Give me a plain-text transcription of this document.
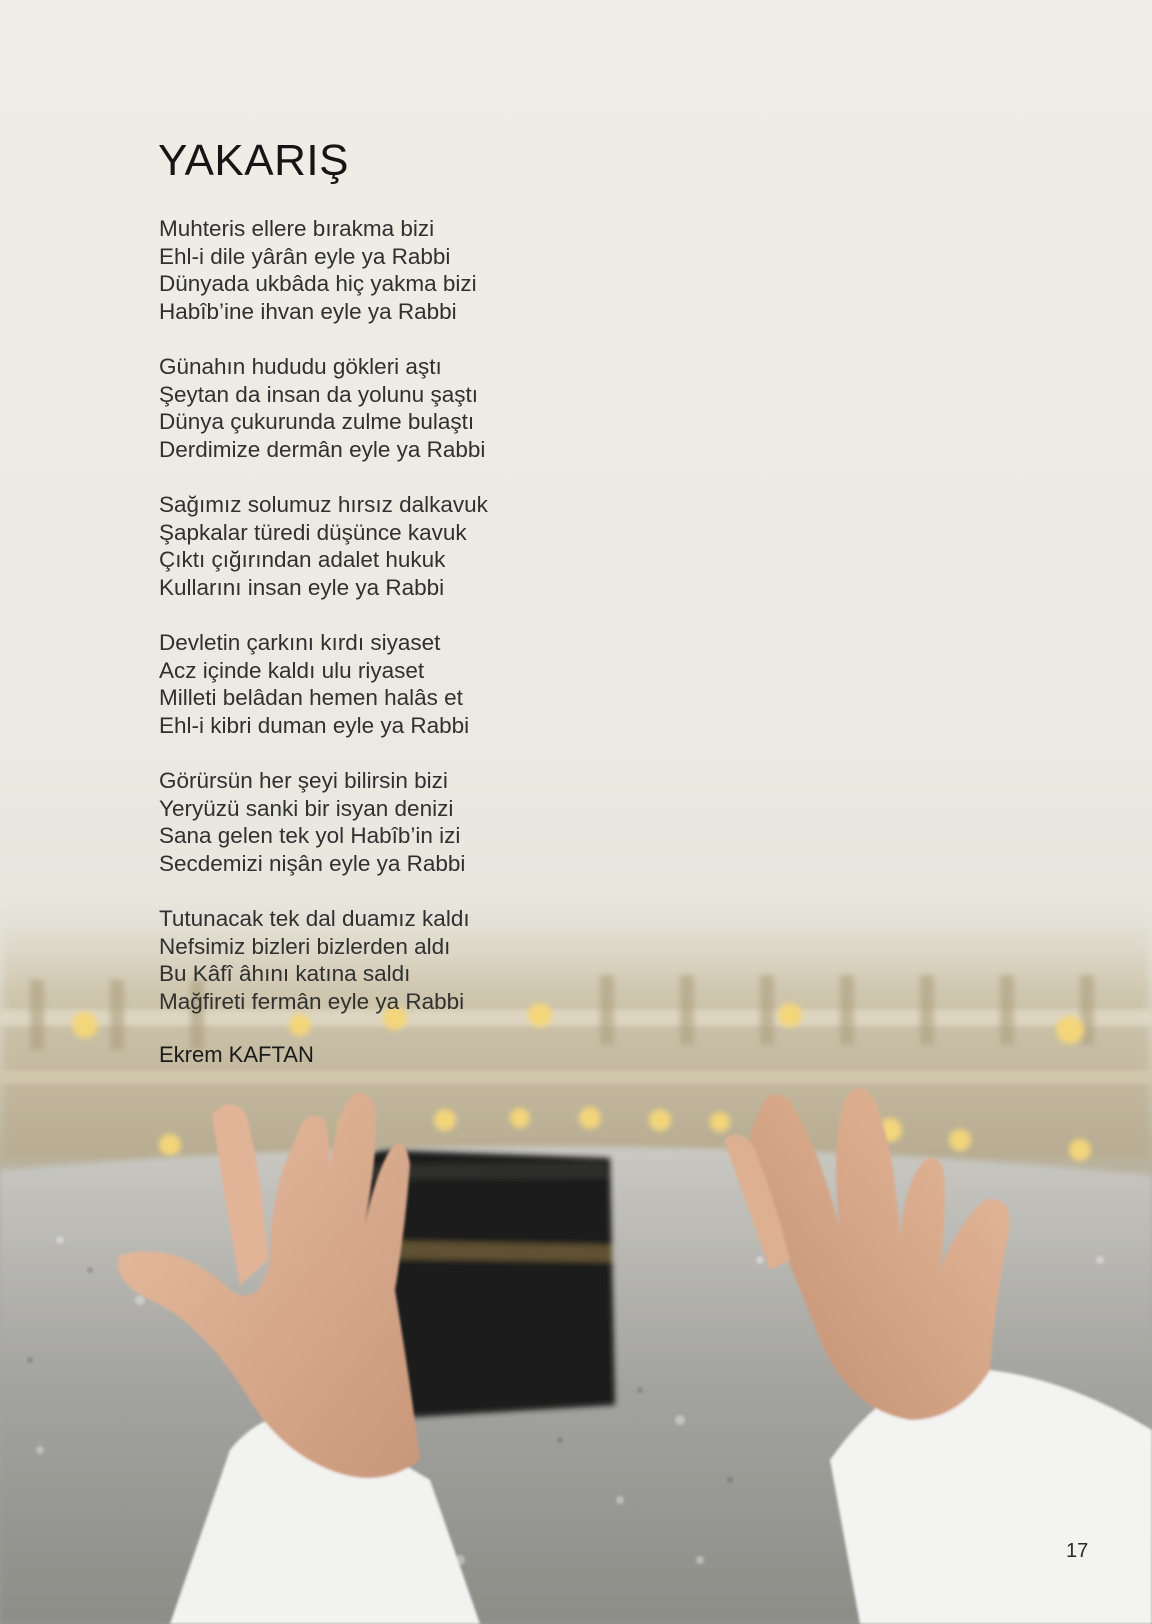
YAKARIŞ
Muhteris ellere bırakma bizi
Ehl-i dile yârân eyle ya Rabbi
Dünyada ukbâda hiç yakma bizi
Habîb’ine ihvan eyle ya Rabbi
Günahın hududu gökleri aştı
Şeytan da insan da yolunu şaştı
Dünya çukurunda zulme bulaştı
Derdimize dermân eyle ya Rabbi
Sağımız solumuz hırsız dalkavuk
Şapkalar türedi düşünce kavuk
Çıktı çığırından adalet hukuk
Kullarını insan eyle ya Rabbi
Devletin çarkını kırdı siyaset
Acz içinde kaldı ulu riyaset
Milleti belâdan hemen halâs et
Ehl-i kibri duman eyle ya Rabbi
Görürsün her şeyi bilirsin bizi
Yeryüzü sanki bir isyan denizi
Sana gelen tek yol Habîb’in izi
Secdemizi nişân eyle ya Rabbi
Tutunacak tek dal duamız kaldı
Nefsimiz bizleri bizlerden aldı
Bu Kâfî âhını katına saldı
Mağfireti fermân eyle ya Rabbi
Ekrem KAFTAN
17
